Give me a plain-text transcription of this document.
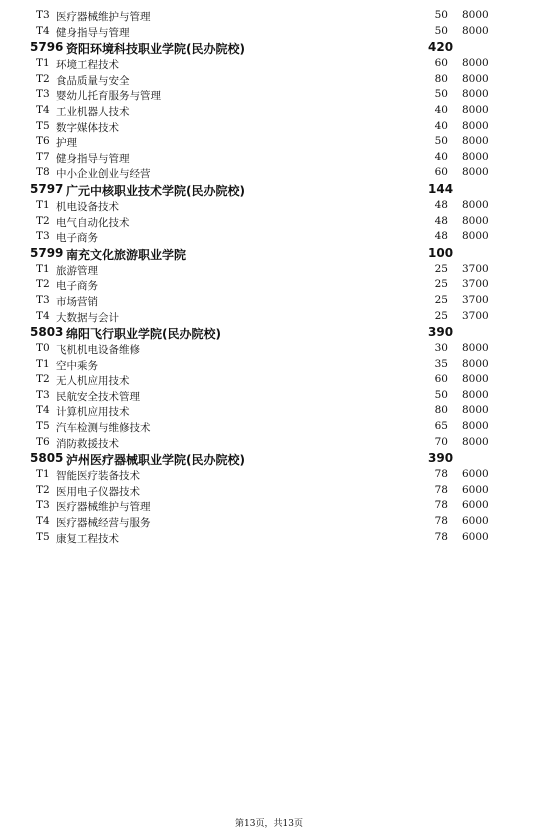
T3 医疗器械维护与管理	50 8000
T4 健身指导与管理	50 8000
5796 资阳环境科技职业学院(民办院校)	420
T1 环境工程技术	60 8000
T2 食品质量与安全	80 8000
T3 婴幼儿托育服务与管理	50 8000
T4 工业机器人技术	40 8000
T5 数字媒体技术	40 8000
T6 护理	50 8000
T7 健身指导与管理	40 8000
T8 中小企业创业与经营	60 8000
5797 广元中核职业技术学院(民办院校)	144
T1 机电设备技术	48 8000
T2 电气自动化技术	48 8000
T3 电子商务	48 8000
5799 南充文化旅游职业学院	100
T1 旅游管理	25 3700
T2 电子商务	25 3700
T3 市场营销	25 3700
T4 大数据与会计	25 3700
5803 绵阳飞行职业学院(民办院校)	390
T0 飞机机电设备维修	30 8000
T1 空中乘务	35 8000
T2 无人机应用技术	60 8000
T3 民航安全技术管理	50 8000
T4 计算机应用技术	80 8000
T5 汽车检测与维修技术	65 8000
T6 消防救援技术	70 8000
5805 泸州医疗器械职业学院(民办院校)	390
T1 智能医疗装备技术	78 6000
T2 医用电子仪器技术	78 6000
T3 医疗器械维护与管理	78 6000
T4 医疗器械经营与服务	78 6000
T5 康复工程技术	78 6000
第13页，共13页
